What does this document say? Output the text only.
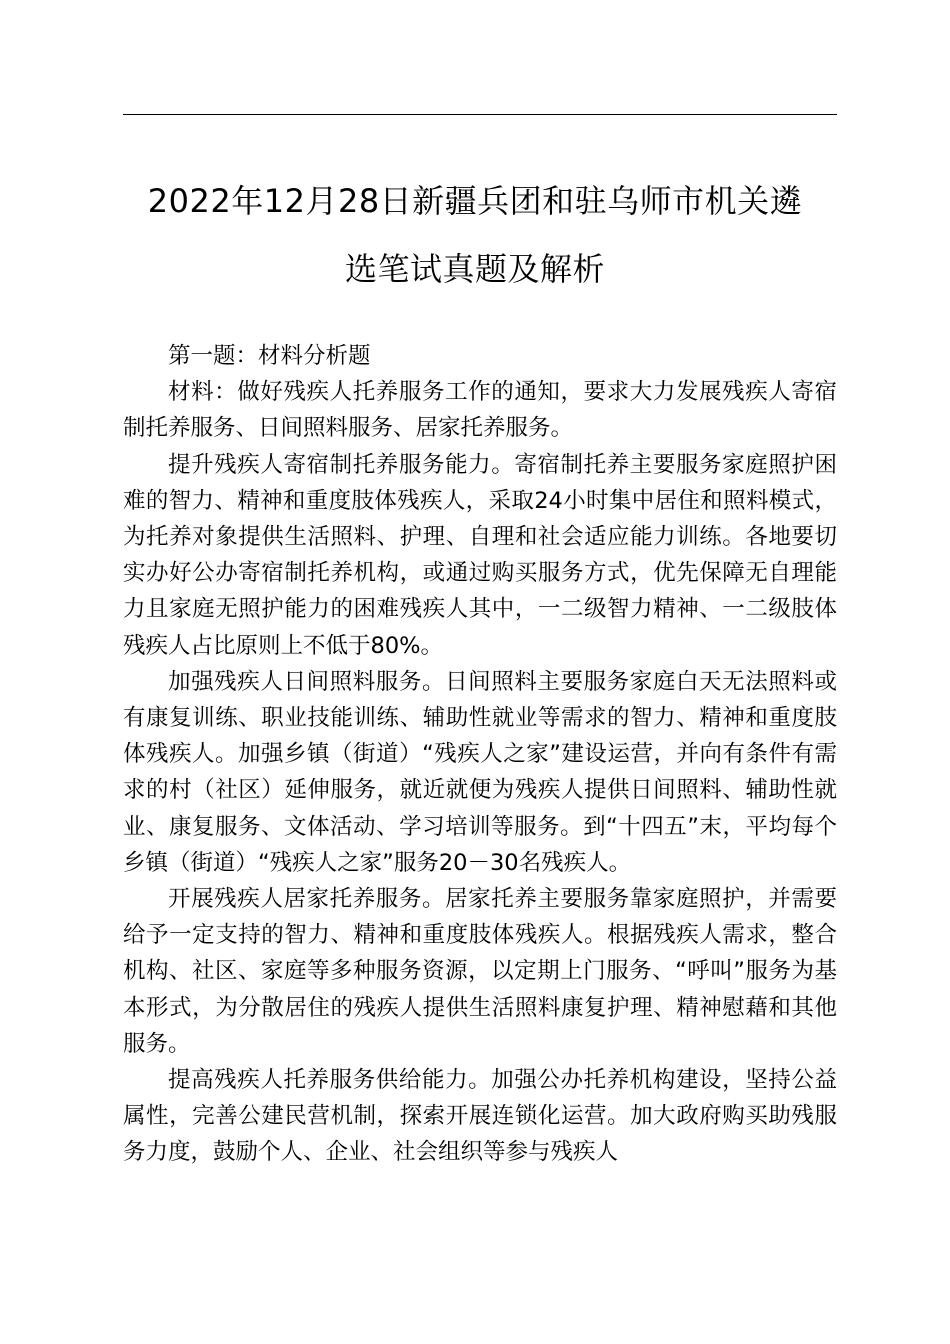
2022年12月28日新疆兵团和驻乌师市机关遴
选笔试真题及解析

第一题：材料分析题

材料：做好残疾人托养服务工作的通知，要求大力发展残疾人寄宿制托养服务、日间照料服务、居家托养服务。

提升残疾人寄宿制托养服务能力。寄宿制托养主要服务家庭照护困难的智力、精神和重度肢体残疾人，采取24小时集中居住和照料模式，为托养对象提供生活照料、护理、自理和社会适应能力训练。各地要切实办好公办寄宿制托养机构，或通过购买服务方式，优先保障无自理能力且家庭无照护能力的困难残疾人其中，一二级智力精神、一二级肢体残疾人占比原则上不低于80%。

加强残疾人日间照料服务。日间照料主要服务家庭白天无法照料或有康复训练、职业技能训练、辅助性就业等需求的智力、精神和重度肢体残疾人。加强乡镇（街道）“残疾人之家”建设运营，并向有条件有需求的村（社区）延伸服务，就近就便为残疾人提供日间照料、辅助性就业、康复服务、文体活动、学习培训等服务。到“十四五”末，平均每个乡镇（街道）“残疾人之家”服务20－30名残疾人。

开展残疾人居家托养服务。居家托养主要服务靠家庭照护，并需要给予一定支持的智力、精神和重度肢体残疾人。根据残疾人需求，整合机构、社区、家庭等多种服务资源，以定期上门服务、“呼叫”服务为基本形式，为分散居住的残疾人提供生活照料康复护理、精神慰藉和其他服务。

提高残疾人托养服务供给能力。加强公办托养机构建设，坚持公益属性，完善公建民营机制，探索开展连锁化运营。加大政府购买助残服务力度，鼓励个人、企业、社会组织等参与残疾人
